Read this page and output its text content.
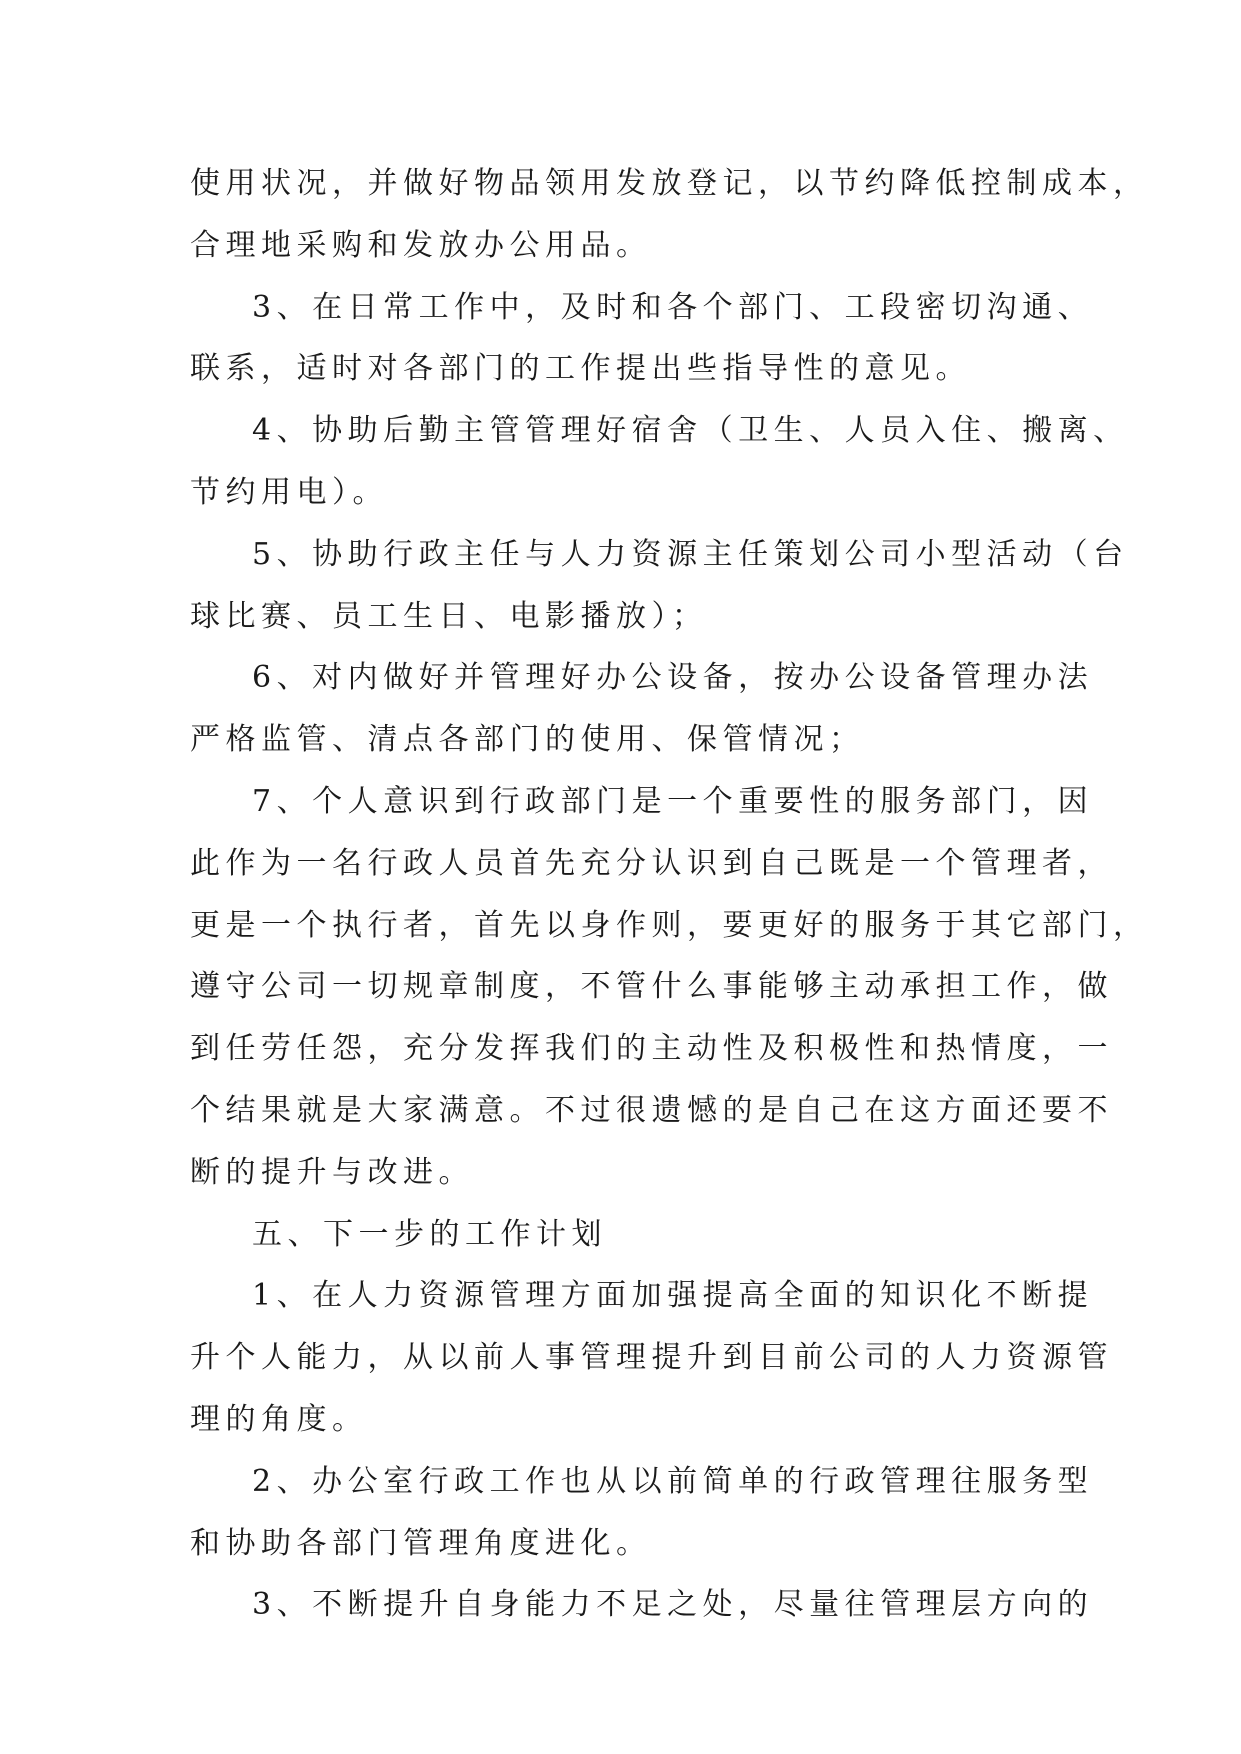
使用状况，并做好物品领用发放登记，以节约降低控制成本，
合理地采购和发放办公用品。
3、在日常工作中，及时和各个部门、工段密切沟通、
联系，适时对各部门的工作提出些指导性的意见。
4、协助后勤主管管理好宿舍（卫生、人员入住、搬离、
节约用电）。
5、协助行政主任与人力资源主任策划公司小型活动（台
球比赛、员工生日、电影播放）；
6、对内做好并管理好办公设备，按办公设备管理办法
严格监管、清点各部门的使用、保管情况；
7、个人意识到行政部门是一个重要性的服务部门，因
此作为一名行政人员首先充分认识到自己既是一个管理者，
更是一个执行者，首先以身作则，要更好的服务于其它部门，
遵守公司一切规章制度，不管什么事能够主动承担工作，做
到任劳任怨，充分发挥我们的主动性及积极性和热情度，一
个结果就是大家满意。不过很遗憾的是自己在这方面还要不
断的提升与改进。
五、下一步的工作计划
1、在人力资源管理方面加强提高全面的知识化不断提
升个人能力，从以前人事管理提升到目前公司的人力资源管
理的角度。
2、办公室行政工作也从以前简单的行政管理往服务型
和协助各部门管理角度进化。
3、不断提升自身能力不足之处，尽量往管理层方向的
